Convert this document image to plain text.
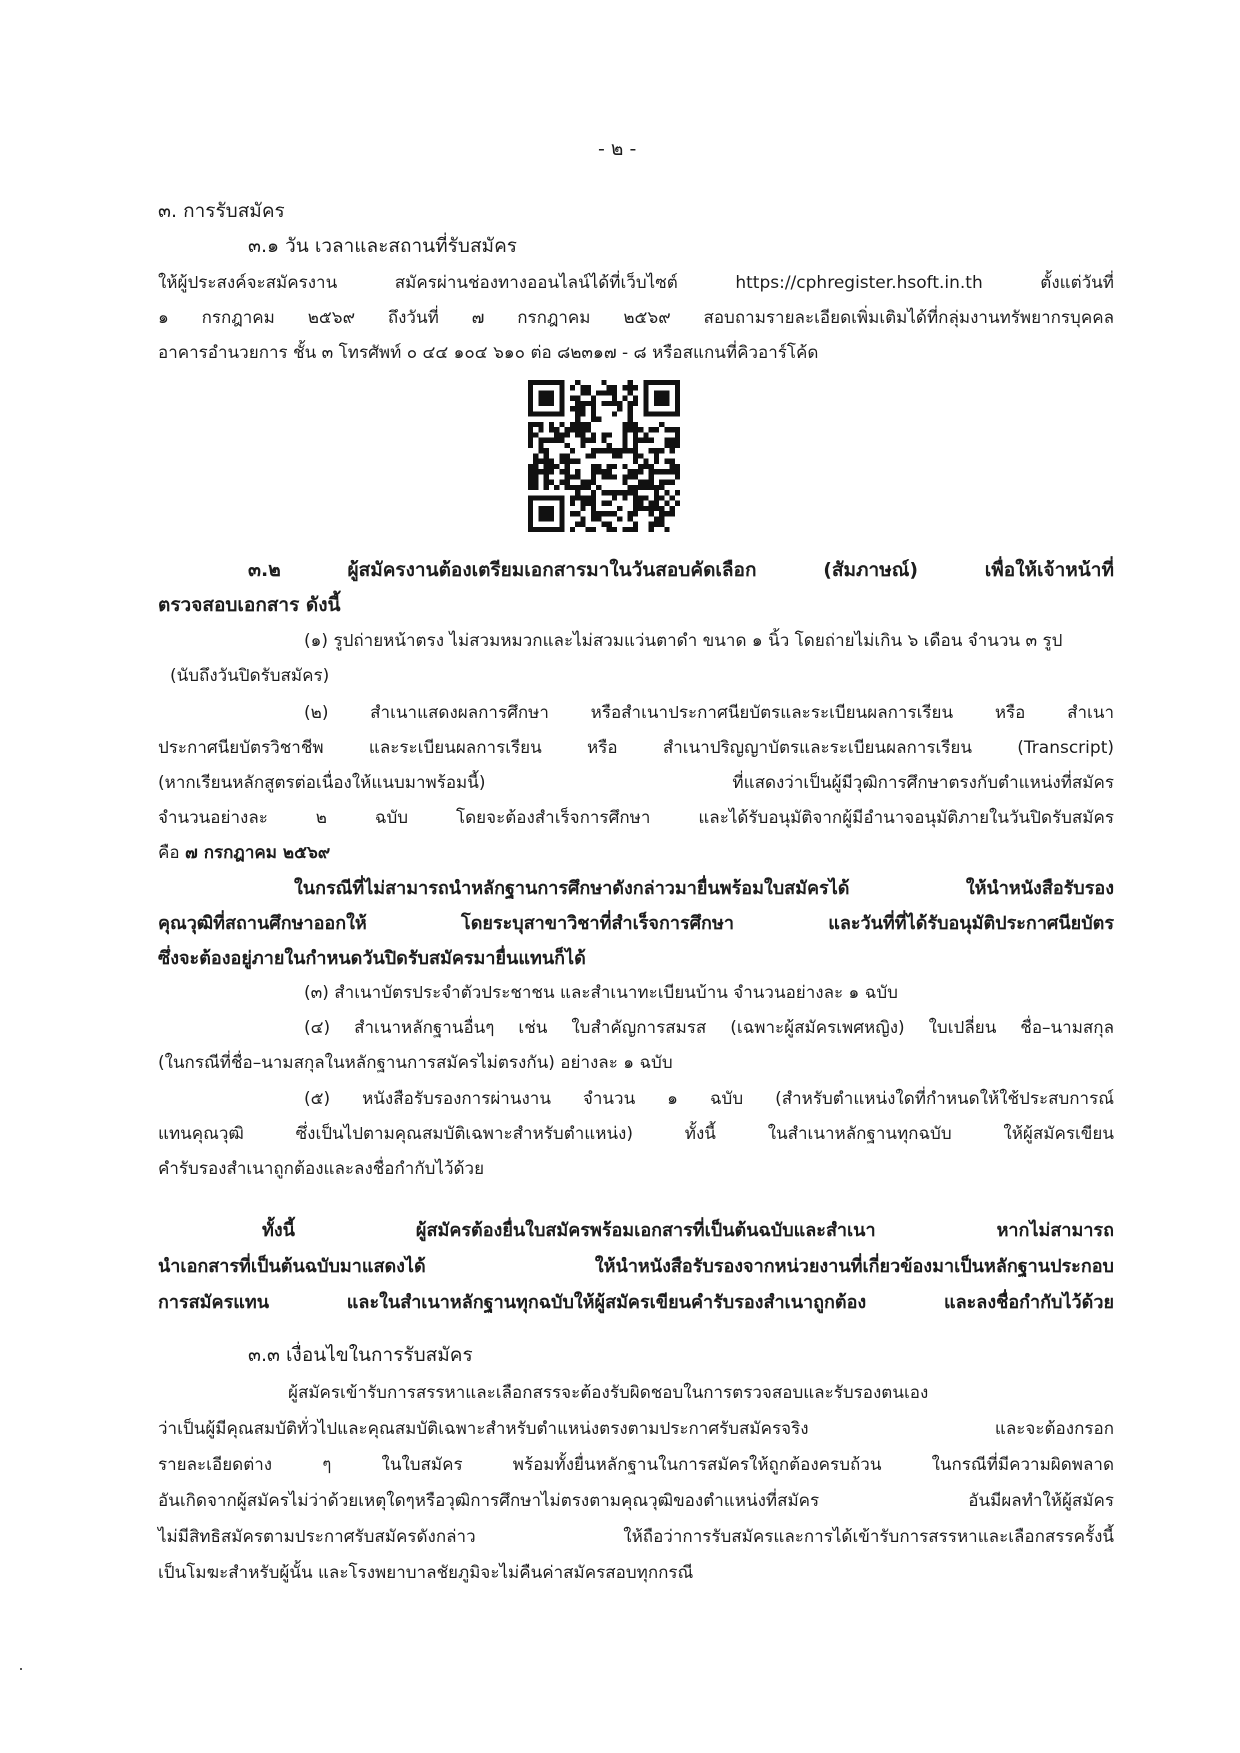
- ๒ -
๓. การรับสมัคร
๓.๑ วัน เวลาและสถานที่รับสมัคร
ให้ผู้ประสงค์จะสมัครงาน สมัครผ่านช่องทางออนไลน์ได้ที่เว็บไซต์ https://cphregister.hsoft.in.th ตั้งแต่วันที่
๑ กรกฎาคม ๒๕๖๙ ถึงวันที่ ๗ กรกฎาคม ๒๕๖๙ สอบถามรายละเอียดเพิ่มเติมได้ที่กลุ่มงานทรัพยากรบุคคล
อาคารอำนวยการ ชั้น ๓ โทรศัพท์ ๐ ๔๔ ๑๐๔ ๖๑๐ ต่อ ๘๒๓๑๗ - ๘ หรือสแกนที่คิวอาร์โค้ด
๓.๒ ผู้สมัครงานต้องเตรียมเอกสารมาในวันสอบคัดเลือก (สัมภาษณ์) เพื่อให้เจ้าหน้าที่
ตรวจสอบเอกสาร ดังนี้
(๑) รูปถ่ายหน้าตรง ไม่สวมหมวกและไม่สวมแว่นตาดำ ขนาด ๑ นิ้ว โดยถ่ายไม่เกิน ๖ เดือน จำนวน ๓ รูป
(นับถึงวันปิดรับสมัคร)
(๒) สำเนาแสดงผลการศึกษา หรือสำเนาประกาศนียบัตรและระเบียนผลการเรียน หรือ สำเนา
ประกาศนียบัตรวิชาชีพ และระเบียนผลการเรียน หรือ สำเนาปริญญาบัตรและระเบียนผลการเรียน (Transcript)
(หากเรียนหลักสูตรต่อเนื่องให้แนบมาพร้อมนี้) ที่แสดงว่าเป็นผู้มีวุฒิการศึกษาตรงกับตำแหน่งที่สมัคร
จำนวนอย่างละ ๒ ฉบับ โดยจะต้องสำเร็จการศึกษา และได้รับอนุมัติจากผู้มีอำนาจอนุมัติภายในวันปิดรับสมัคร
คือ ๗ กรกฎาคม ๒๕๖๙
ในกรณีที่ไม่สามารถนำหลักฐานการศึกษาดังกล่าวมายื่นพร้อมใบสมัครได้ ให้นำหนังสือรับรอง
คุณวุฒิที่สถานศึกษาออกให้ โดยระบุสาขาวิชาที่สำเร็จการศึกษา และวันที่ที่ได้รับอนุมัติประกาศนียบัตร
ซึ่งจะต้องอยู่ภายในกำหนดวันปิดรับสมัครมายื่นแทนก็ได้
(๓) สำเนาบัตรประจำตัวประชาชน และสำเนาทะเบียนบ้าน จำนวนอย่างละ ๑ ฉบับ
(๔) สำเนาหลักฐานอื่นๆ เช่น ใบสำคัญการสมรส (เฉพาะผู้สมัครเพศหญิง) ใบเปลี่ยน ชื่อ–นามสกุล
(ในกรณีที่ชื่อ–นามสกุลในหลักฐานการสมัครไม่ตรงกัน) อย่างละ ๑ ฉบับ
(๕) หนังสือรับรองการผ่านงาน จำนวน ๑ ฉบับ (สำหรับตำแหน่งใดที่กำหนดให้ใช้ประสบการณ์
แทนคุณวุฒิ ซึ่งเป็นไปตามคุณสมบัติเฉพาะสำหรับตำแหน่ง) ทั้งนี้ ในสำเนาหลักฐานทุกฉบับ ให้ผู้สมัครเขียน
คำรับรองสำเนาถูกต้องและลงชื่อกำกับไว้ด้วย
ทั้งนี้ ผู้สมัครต้องยื่นใบสมัครพร้อมเอกสารที่เป็นต้นฉบับและสำเนา หากไม่สามารถ
นำเอกสารที่เป็นต้นฉบับมาแสดงได้ ให้นำหนังสือรับรองจากหน่วยงานที่เกี่ยวข้องมาเป็นหลักฐานประกอบ
การสมัครแทน และในสำเนาหลักฐานทุกฉบับให้ผู้สมัครเขียนคำรับรองสำเนาถูกต้อง และลงชื่อกำกับไว้ด้วย
๓.๓ เงื่อนไขในการรับสมัคร
ผู้สมัครเข้ารับการสรรหาและเลือกสรรจะต้องรับผิดชอบในการตรวจสอบและรับรองตนเอง
ว่าเป็นผู้มีคุณสมบัติทั่วไปและคุณสมบัติเฉพาะสำหรับตำแหน่งตรงตามประกาศรับสมัครจริง และจะต้องกรอก
รายละเอียดต่าง ๆ ในใบสมัคร พร้อมทั้งยื่นหลักฐานในการสมัครให้ถูกต้องครบถ้วน ในกรณีที่มีความผิดพลาด
อันเกิดจากผู้สมัครไม่ว่าด้วยเหตุใดๆหรือวุฒิการศึกษาไม่ตรงตามคุณวุฒิของตำแหน่งที่สมัคร อันมีผลทำให้ผู้สมัคร
ไม่มีสิทธิสมัครตามประกาศรับสมัครดังกล่าว ให้ถือว่าการรับสมัครและการได้เข้ารับการสรรหาและเลือกสรรครั้งนี้
เป็นโมฆะสำหรับผู้นั้น และโรงพยาบาลชัยภูมิจะไม่คืนค่าสมัครสอบทุกกรณี
